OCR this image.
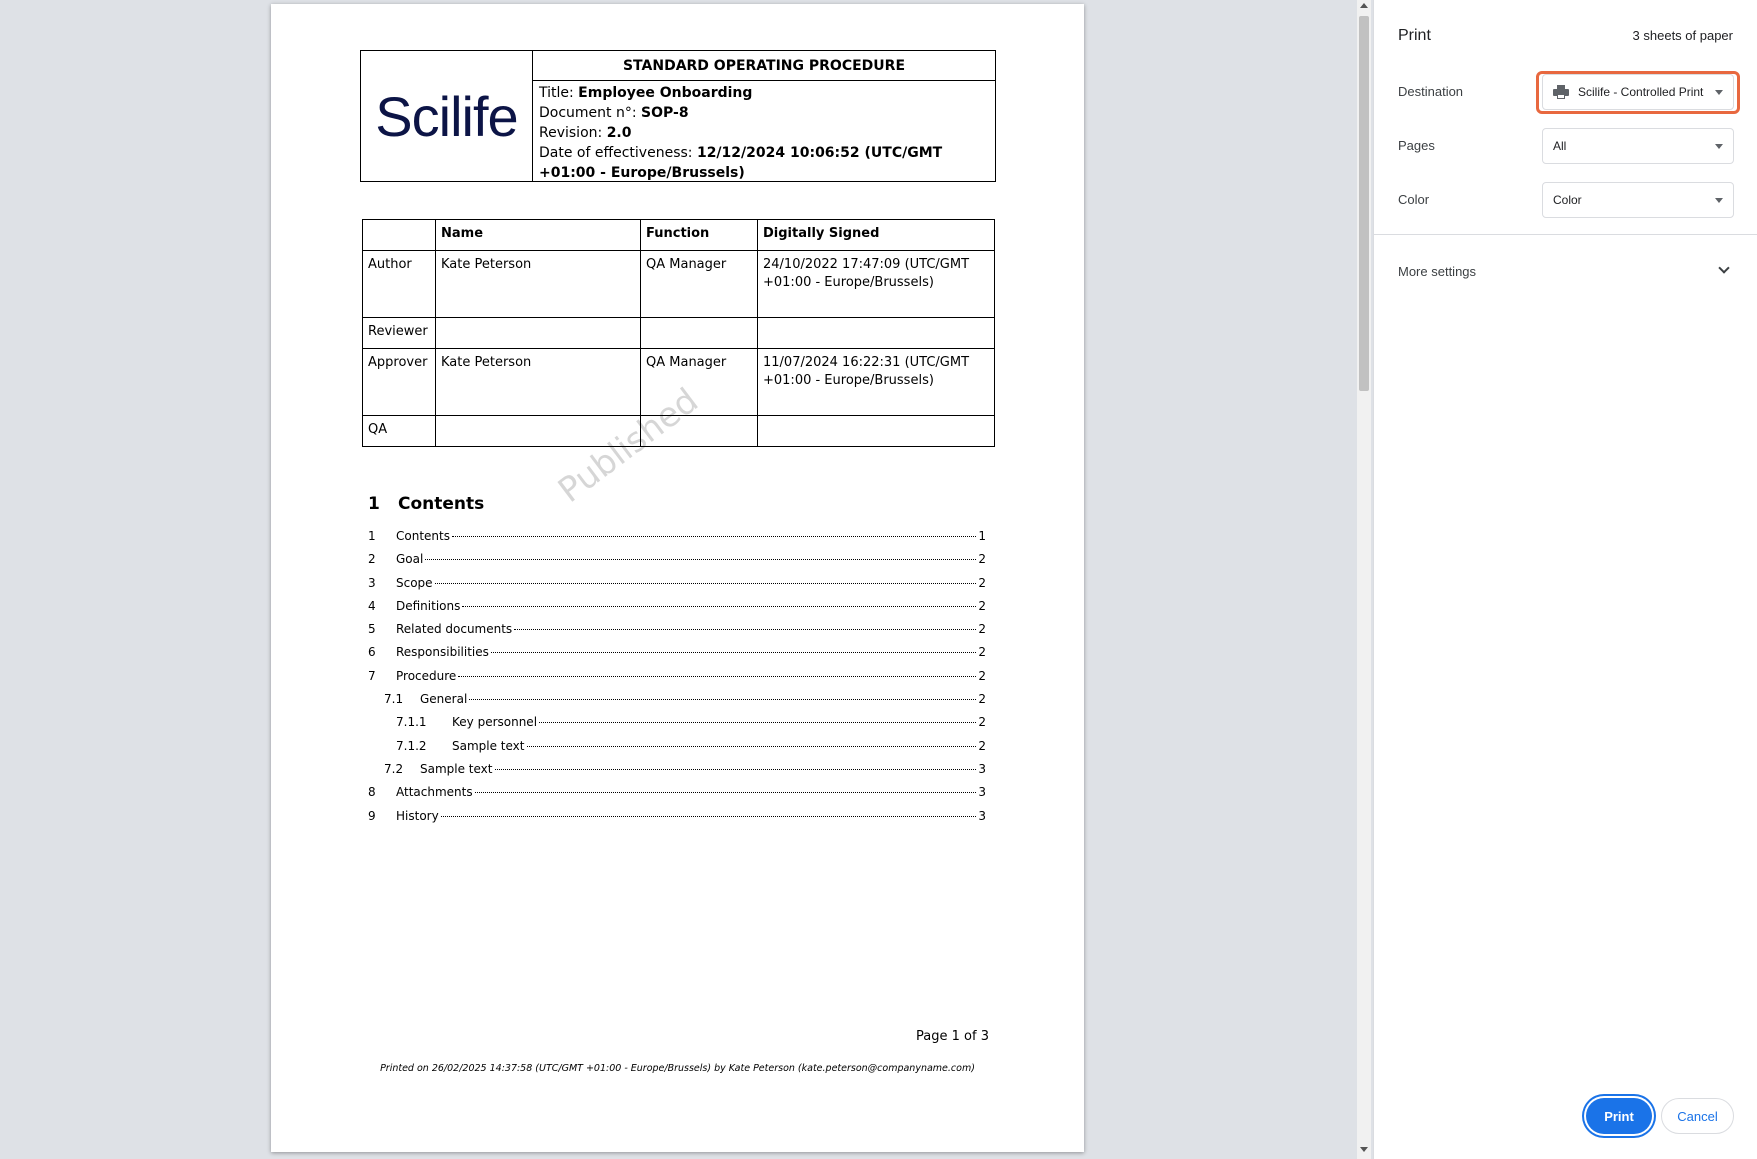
Scilife
STANDARD OPERATING PROCEDURE
Title: Employee Onboarding
Document n°: SOP-8
Revision: 2.0
Date of effectiveness: 12/12/2024 10:06:52 (UTC/GMT +01:00 - Europe/Brussels)
	Name	Function	Digitally Signed
Author	Kate Peterson	QA Manager	24/10/2022 17:47:09 (UTC/GMT +01:00 - Europe/Brussels)
Reviewer			
Approver	Kate Peterson	QA Manager	11/07/2024 16:22:31 (UTC/GMT +01:00 - Europe/Brussels)
QA				Published
1 Contents
1	Contents	1
2	Goal	2
3	Scope	2
4	Definitions	2
5	Related documents	2
6	Responsibilities	2
7	Procedure	2
7.1	General	2
7.1.1	Key personnel	2
7.1.2	Sample text	2
7.2	Sample text	3
8	Attachments	3
9	History	3
Page 1 of 3
Printed on 26/02/2025 14:37:58 (UTC/GMT +01:00 - Europe/Brussels) by Kate Peterson (kate.peterson@companyname.com)
Print	3 sheets of paper
Destination	Scilife - Controlled Print
Pages	All
Color	Color
More settings
Print	Cancel
